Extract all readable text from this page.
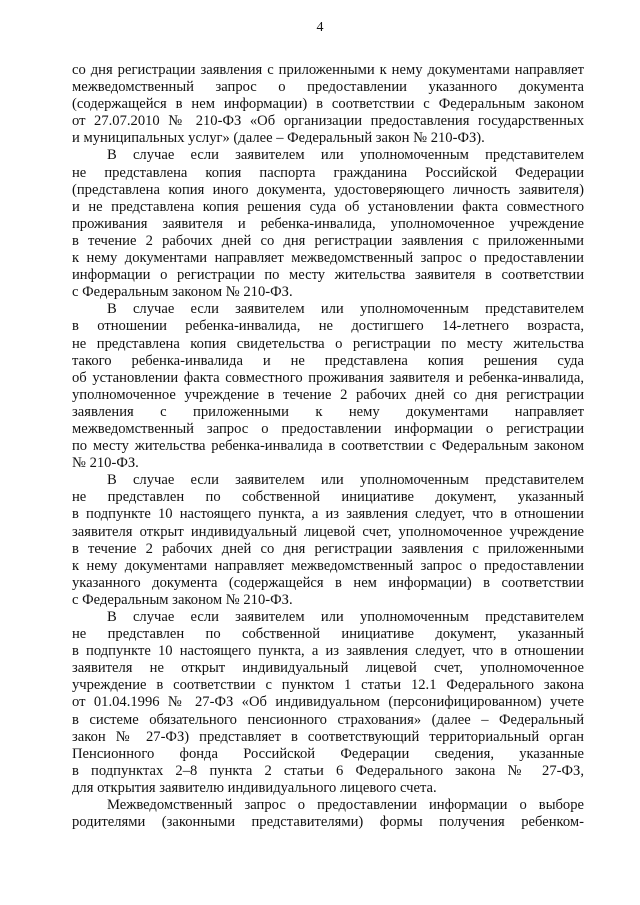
4
со дня регистрации заявления с приложенными к нему документами направляет
межведомственный запрос о предоставлении указанного документа
(содержащейся в нем информации) в соответствии с Федеральным законом
от 27.07.2010 № 210-ФЗ «Об организации предоставления государственных
и муниципальных услуг» (далее – Федеральный закон № 210-ФЗ).
В случае если заявителем или уполномоченным представителем
не представлена копия паспорта гражданина Российской Федерации
(представлена копия иного документа, удостоверяющего личность заявителя)
и не представлена копия решения суда об установлении факта совместного
проживания заявителя и ребенка-инвалида, уполномоченное учреждение
в течение 2 рабочих дней со дня регистрации заявления с приложенными
к нему документами направляет межведомственный запрос о предоставлении
информации о регистрации по месту жительства заявителя в соответствии
с Федеральным законом № 210-ФЗ.
В случае если заявителем или уполномоченным представителем
в отношении ребенка-инвалида, не достигшего 14-летнего возраста,
не представлена копия свидетельства о регистрации по месту жительства
такого ребенка-инвалида и не представлена копия решения суда
об установлении факта совместного проживания заявителя и ребенка-инвалида,
уполномоченное учреждение в течение 2 рабочих дней со дня регистрации
заявления с приложенными к нему документами направляет
межведомственный запрос о предоставлении информации о регистрации
по месту жительства ребенка-инвалида в соответствии с Федеральным законом
№ 210-ФЗ.
В случае если заявителем или уполномоченным представителем
не представлен по собственной инициативе документ, указанный
в подпункте 10 настоящего пункта, а из заявления следует, что в отношении
заявителя открыт индивидуальный лицевой счет, уполномоченное учреждение
в течение 2 рабочих дней со дня регистрации заявления с приложенными
к нему документами направляет межведомственный запрос о предоставлении
указанного документа (содержащейся в нем информации) в соответствии
с Федеральным законом № 210-ФЗ.
В случае если заявителем или уполномоченным представителем
не представлен по собственной инициативе документ, указанный
в подпункте 10 настоящего пункта, а из заявления следует, что в отношении
заявителя не открыт индивидуальный лицевой счет, уполномоченное
учреждение в соответствии с пунктом 1 статьи 12.1 Федерального закона
от 01.04.1996 № 27-ФЗ «Об индивидуальном (персонифицированном) учете
в системе обязательного пенсионного страхования» (далее – Федеральный
закон № 27-ФЗ) представляет в соответствующий территориальный орган
Пенсионного фонда Российской Федерации сведения, указанные
в подпунктах 2–8 пункта 2 статьи 6 Федерального закона № 27-ФЗ,
для открытия заявителю индивидуального лицевого счета.
Межведомственный запрос о предоставлении информации о выборе
родителями (законными представителями) формы получения ребенком-
